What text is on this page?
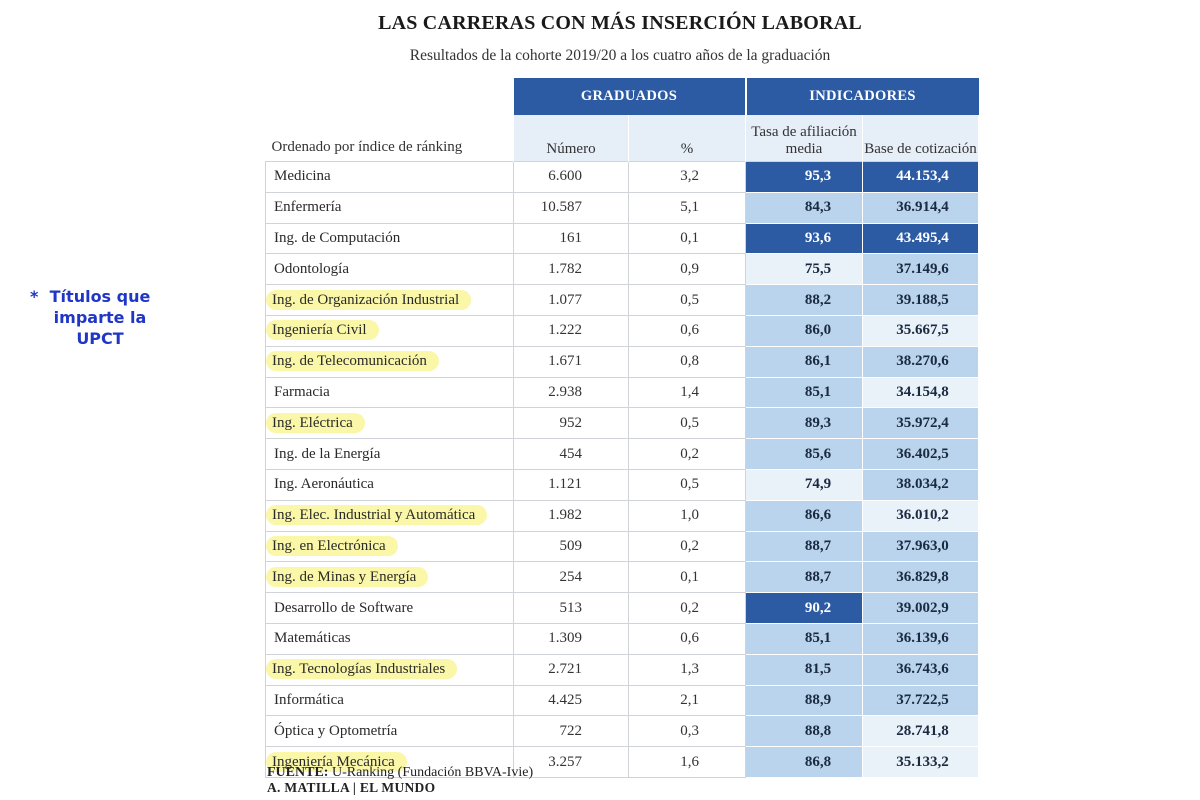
LAS CARRERAS CON MÁS INSERCIÓN LABORAL
Resultados de la cohorte 2019/20 a los cuatro años de la graduación
* Títulos que imparte la UPCT
	GRADUADOS		INDICADORES	
Ordenado por índice de ránking	Número	%	Tasa de afiliación media	Base de cotización
Medicina	6.600	3,2	95,3	44.153,4
Enfermería	10.587	5,1	84,3	36.914,4
Ing. de Computación	161	0,1	93,6	43.495,4
Odontología	1.782	0,9	75,5	37.149,6
Ing. de Organización Industrial	1.077	0,5	88,2	39.188,5
Ingeniería Civil	1.222	0,6	86,0	35.667,5
Ing. de Telecomunicación	1.671	0,8	86,1	38.270,6
Farmacia	2.938	1,4	85,1	34.154,8
Ing. Eléctrica	952	0,5	89,3	35.972,4
Ing. de la Energía	454	0,2	85,6	36.402,5
Ing. Aeronáutica	1.121	0,5	74,9	38.034,2
Ing. Elec. Industrial y Automática	1.982	1,0	86,6	36.010,2
Ing. en Electrónica	509	0,2	88,7	37.963,0
Ing. de Minas y Energía	254	0,1	88,7	36.829,8
Desarrollo de Software	513	0,2	90,2	39.002,9
Matemáticas	1.309	0,6	85,1	36.139,6
Ing. Tecnologías Industriales	2.721	1,3	81,5	36.743,6
Informática	4.425	2,1	88,9	37.722,5
Óptica y Optometría	722	0,3	88,8	28.741,8
Ingeniería Mecánica	3.257	1,6	86,8	35.133,2
FUENTE: U-Ranking (Fundación BBVA-Ivie)
A. MATILLA | EL MUNDO
